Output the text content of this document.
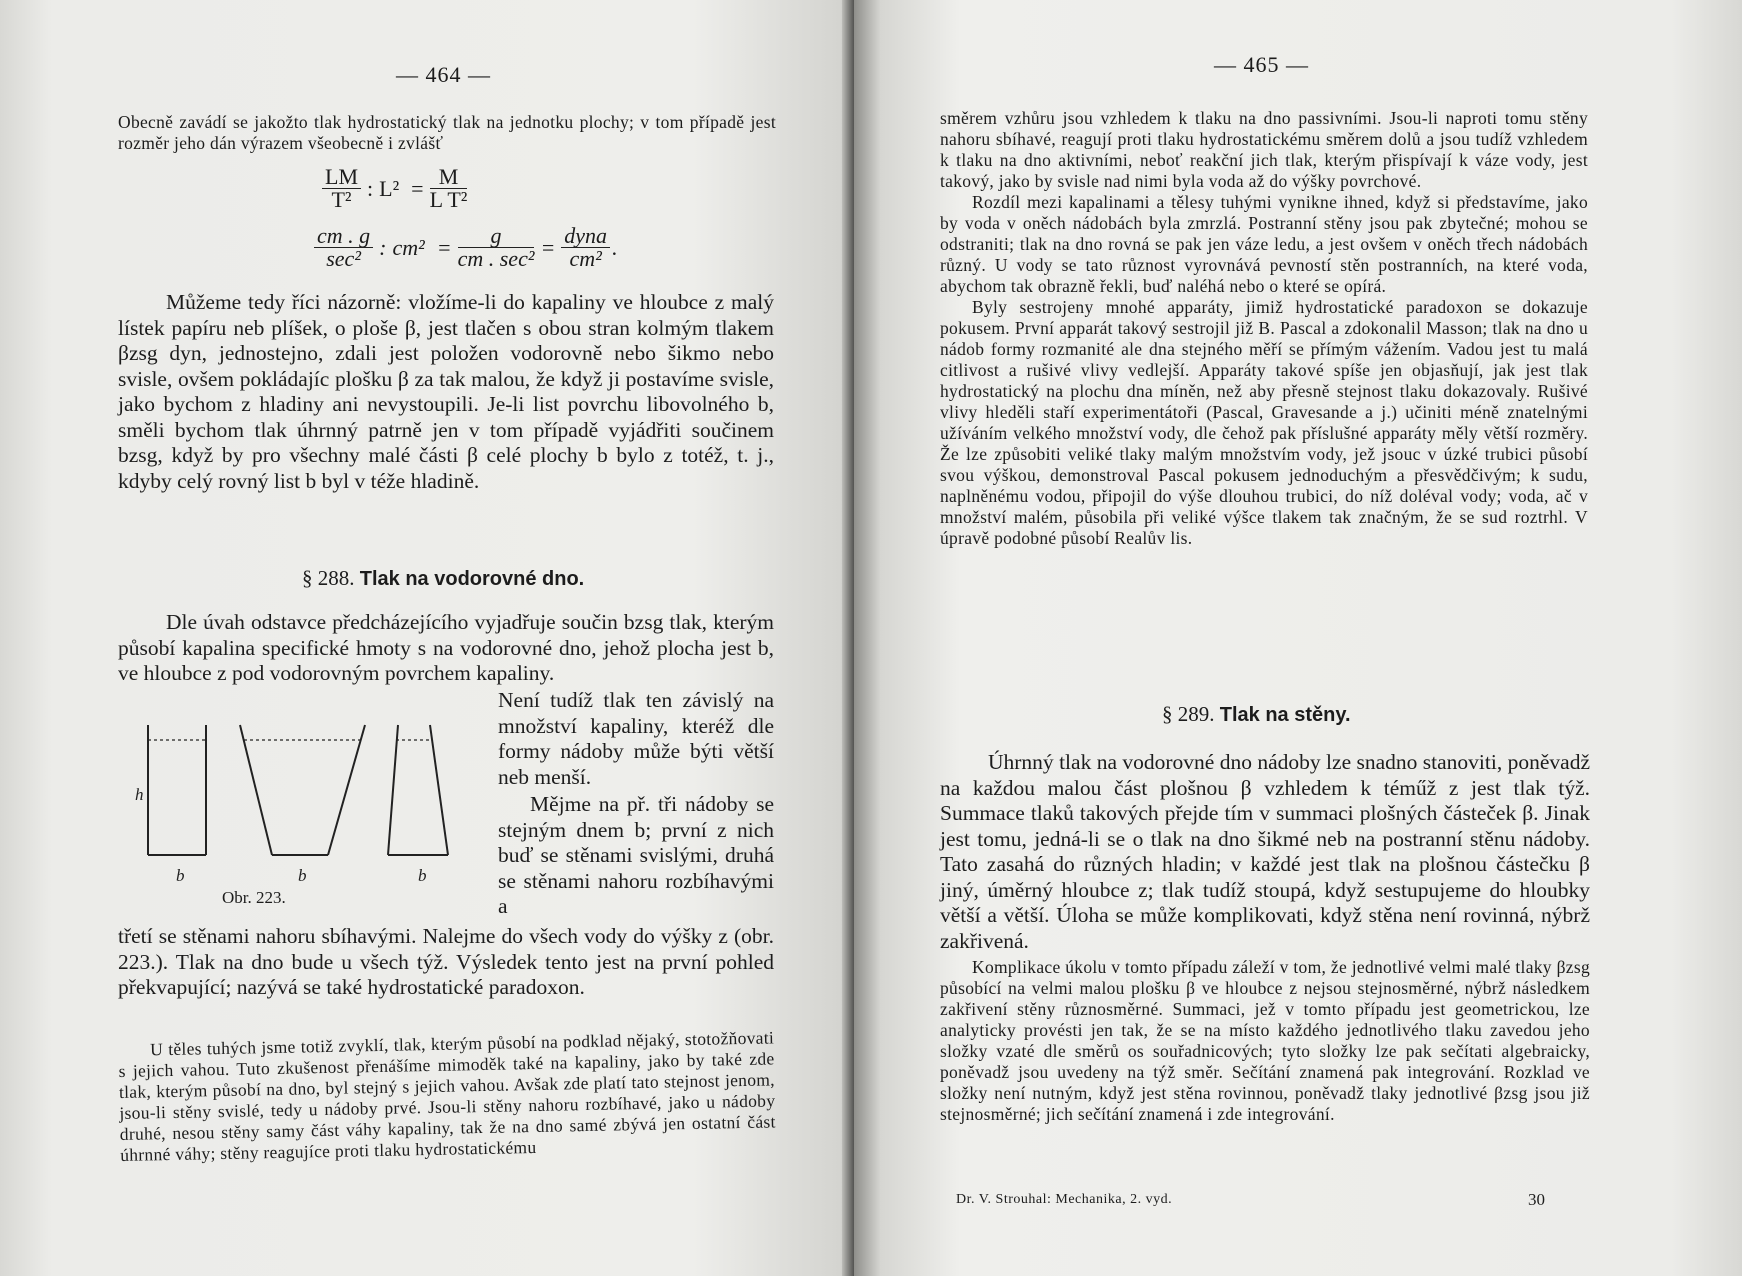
— 464 —

Obecně zavádí se jakožto tlak hydrostatický tlak na jednotku plochy; v tom případě jest rozměr jeho dán výrazem všeobecně i zvlášť

$\frac{LM}{\text{T²}}$ : $L^2 = \frac{M}{\text{L T²}}$
$\frac{cm . g}{\text{sec²}}$ : $cm^2 = \frac{g}{\text{cm . sec²}} = \frac{\text{dyna}}{\text{cm²}}$ .

Můžeme tedy říci názorně: vložíme-li do kapaliny ve hloubce z malý lístek papíru neb plíšek, o ploše β, jest tlačen s obou stran kolmým tlakem βzsg dyn, jednostejno, zdali jest položen vodorovně nebo šikmo nebo svisle, ovšem pokládajíc plošku β za tak malou, že když ji postavíme svisle, jako bychom z hladiny ani nevystoupili. Je-li list povrchu libovolného b, směli bychom tlak úhrnný patrně jen v tom případě vyjádřiti součinem bzsg, když by pro všechny malé části β celé plochy b bylo z totéž, t. j., kdyby celý rovný list b byl v téže hladině.

§ 288. Tlak na vodorovné dno.

Dle úvah odstavce předcházejícího vyjadřuje součin bzsg tlak, kterým působí kapalina specifické hmoty s na vodorovné dno, jehož plocha jest b, ve hloubce z pod vodorovným povrchem kapaliny.

Není tudíž tlak ten závislý na množství kapaliny, kteréž dle formy nádoby může býti větší neb menší.

Mějme na př. tři nádoby se stejným dnem b; první z nich buď se stěnami svislými, druhá se stěnami nahoru rozbíhavými a

h
b	b	b
Obr. 223.

třetí se stěnami nahoru sbíhavými. Nalejme do všech vody do výšky z (obr. 223.). Tlak na dno bude u všech týž. Výsledek tento jest na první pohled překvapující; nazývá se také hydrostatické paradoxon.

U těles tuhých jsme totiž zvyklí, tlak, kterým působí na podklad nějaký, stotožňovati s jejich vahou. Tuto zkušenost přenášíme mimoděk také na kapaliny, jako by také zde tlak, kterým působí na dno, byl stejný s jejich vahou. Avšak zde platí tato stejnost jenom, jsou-li stěny svislé, tedy u nádoby prvé. Jsou-li stěny nahoru rozbíhavé, jako u nádoby druhé, nesou stěny samy část váhy kapaliny, tak že na dno samé zbývá jen ostatní část úhrnné váhy; stěny reagujíce proti tlaku hydrostatickému

— 465 —

směrem vzhůru jsou vzhledem k tlaku na dno passivními. Jsou-li naproti tomu stěny nahoru sbíhavé, reagují proti tlaku hydrostatickému směrem dolů a jsou tudíž vzhledem k tlaku na dno aktivními, neboť reakční jich tlak, kterým přispívají k váze vody, jest takový, jako by svisle nad nimi byla voda až do výšky povrchové.

Rozdíl mezi kapalinami a tělesy tuhými vynikne ihned, když si představíme, jako by voda v oněch nádobách byla zmrzlá. Postranní stěny jsou pak zbytečné; mohou se odstraniti; tlak na dno rovná se pak jen váze ledu, a jest ovšem v oněch třech nádobách různý. U vody se tato různost vyrovnává pevností stěn postranních, na které voda, abychom tak obrazně řekli, buď naléhá nebo o které se opírá.

Byly sestrojeny mnohé apparáty, jimiž hydrostatické paradoxon se dokazuje pokusem. První apparát takový sestrojil již B. Pascal a zdokonalil Masson; tlak na dno u nádob formy rozmanité ale dna stejného měří se přímým vážením. Vadou jest tu malá citlivost a rušivé vlivy vedlejší. Apparáty takové spíše jen objasňují, jak jest tlak hydrostatický na plochu dna míněn, než aby přesně stejnost tlaku dokazovaly. Rušivé vlivy hleděli staří experimentátoři (Pascal, Gravesande a j.) učiniti méně znatelnými užíváním velkého množství vody, dle čehož pak příslušné apparáty měly větší rozměry. Že lze způsobiti veliké tlaky malým množstvím vody, jež jsouc v úzké trubici působí svou výškou, demonstroval Pascal pokusem jednoduchým a přesvědčivým; k sudu, naplněnému vodou, připojil do výše dlouhou trubici, do níž doléval vody; voda, ač v množství malém, působila při veliké výšce tlakem tak značným, že se sud roztrhl. V úpravě podobné působí Realův lis.

§ 289. Tlak na stěny.

Úhrnný tlak na vodorovné dno nádoby lze snadno stanoviti, poněvadž na každou malou část plošnou β vzhledem k téműž z jest tlak týž. Summace tlaků takových přejde tím v summaci plošných částeček β. Jinak jest tomu, jedná-li se o tlak na dno šikmé neb na postranní stěnu nádoby. Tato zasahá do různých hladin; v každé jest tlak na plošnou částečku β jiný, úměrný hloubce z; tlak tudíž stoupá, když sestupujeme do hloubky větší a větší. Úloha se může komplikovati, když stěna není rovinná, nýbrž zakřivená.

Komplikace úkolu v tomto případu záleží v tom, že jednotlivé velmi malé tlaky βzsg působící na velmi malou plošku β ve hloubce z nejsou stejnosměrné, nýbrž následkem zakřivení stěny různosměrné. Summaci, jež v tomto případu jest geometrickou, lze analyticky provésti jen tak, že se na místo každého jednotlivého tlaku zavedou jeho složky vzaté dle směrů os souřadnicových; tyto složky lze pak sečítati algebraicky, poněvadž jsou uvedeny na týž směr. Sečítání znamená pak integrování. Rozklad ve složky není nutným, když jest stěna rovinnou, poněvadž tlaky jednotlivé βzsg jsou již stejnosměrné; jich sečítání znamená i zde integrování.

Dr. V. Strouhal: Mechanika, 2. vyd.	30
